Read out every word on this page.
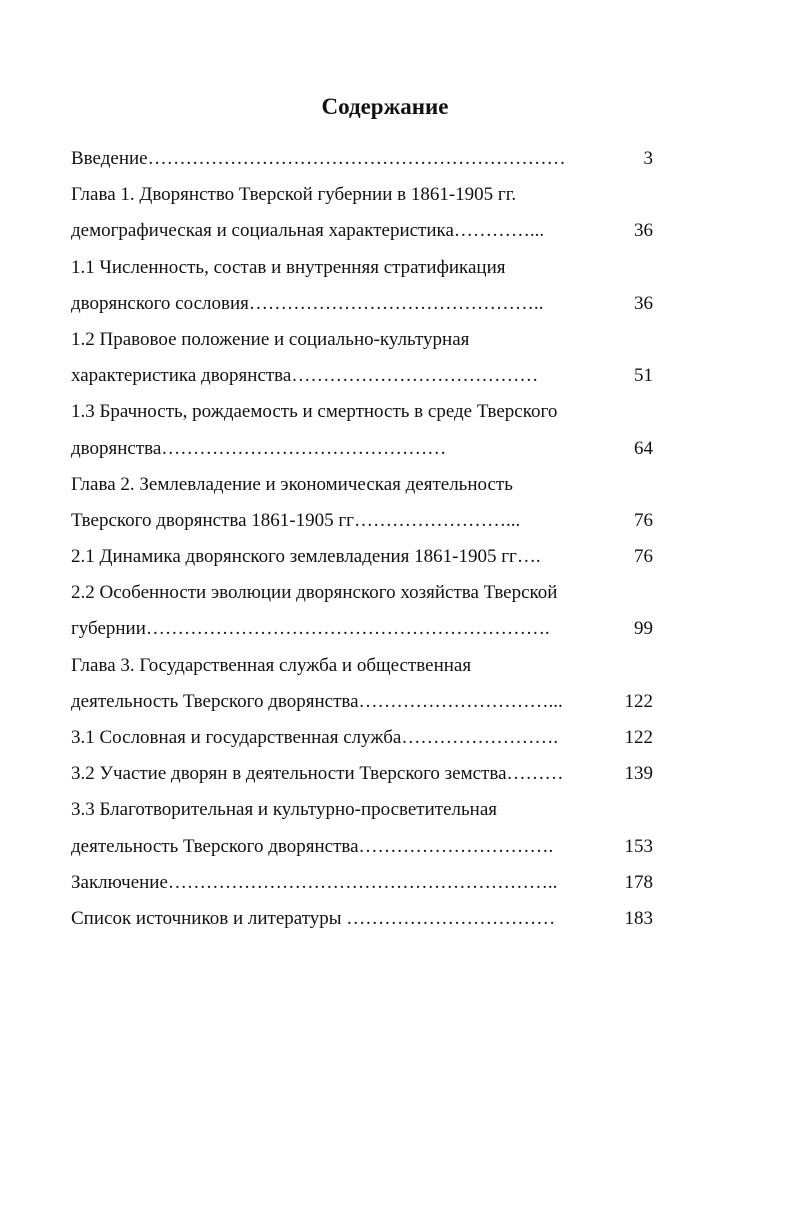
Содержание
Введение…………………………………………………………	3
Глава 1. Дворянство Тверской губернии в 1861-1905 гг.
демографическая и социальная характеристика…………...	36
1.1 Численность, состав и внутренняя стратификация
дворянского сословия………………………………………..	36
1.2 Правовое положение и социально-культурная
характеристика дворянства…………………………………	51
1.3 Брачность, рождаемость и смертность в среде Тверского
дворянства………………………………………	64
Глава 2. Землевладение и экономическая деятельность
Тверского дворянства 1861-1905 гг……………………...	76
2.1 Динамика дворянского землевладения 1861-1905 гг….	76
2.2 Особенности эволюции дворянского хозяйства Тверской
губернии……………………………………………………….	99
Глава 3. Государственная служба и общественная
деятельность Тверского дворянства…………………………...	122
3.1 Сословная и государственная служба…………………….	122
3.2 Участие дворян в деятельности Тверского земства………	139
3.3 Благотворительная и культурно-просветительная
деятельность Тверского дворянства………………………….	153
Заключение……………………………………………………..	178
Список источников и литературы ……………………………	183
